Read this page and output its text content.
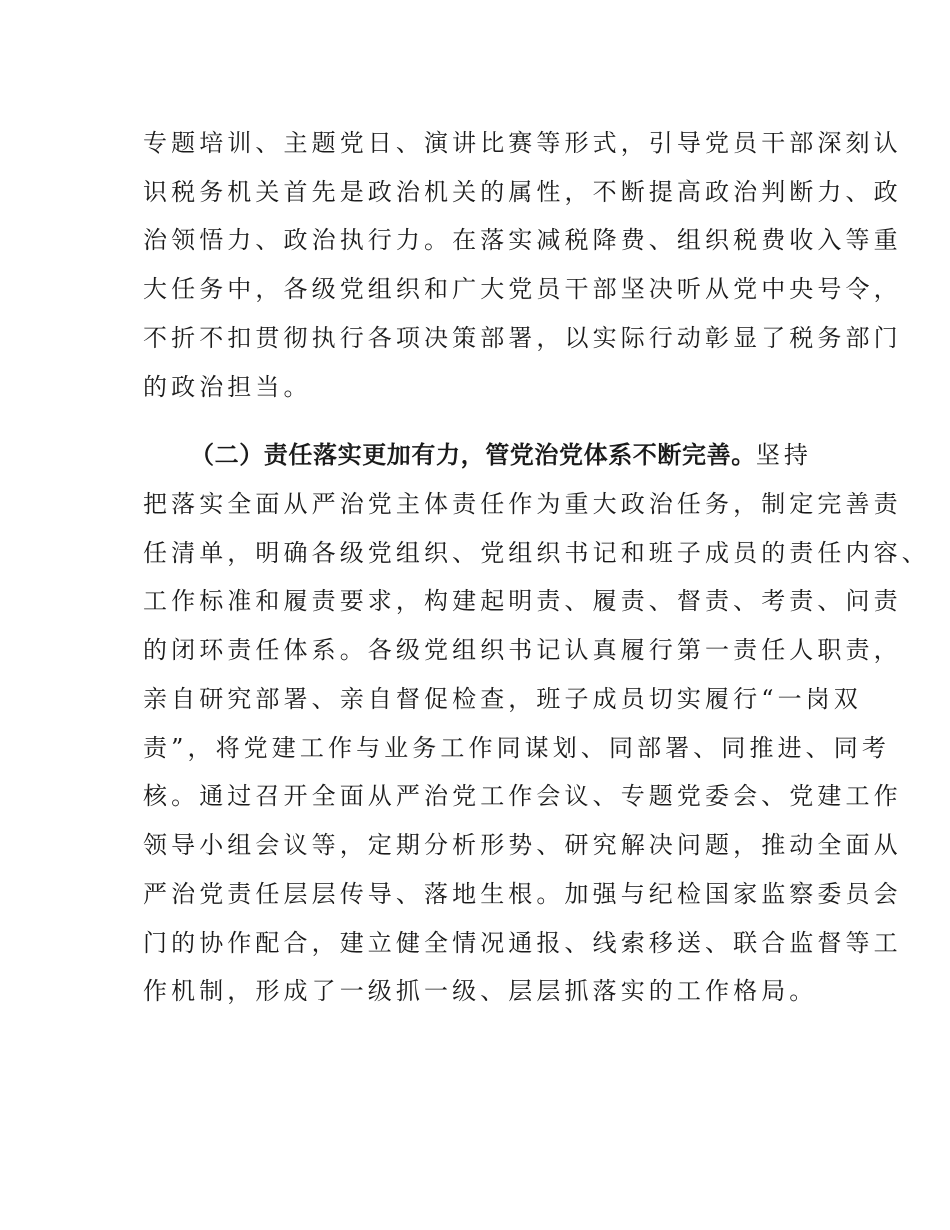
专题培训、主题党日、演讲比赛等形式，引导党员干部深刻认
识税务机关首先是政治机关的属性，不断提高政治判断力、政
治领悟力、政治执行力。在落实减税降费、组织税费收入等重
大任务中，各级党组织和广大党员干部坚决听从党中央号令，
不折不扣贯彻执行各项决策部署，以实际行动彰显了税务部门
的政治担当。
（二）责任落实更加有力，管党治党体系不断完善。坚持
把落实全面从严治党主体责任作为重大政治任务，制定完善责
任清单，明确各级党组织、党组织书记和班子成员的责任内容、
工作标准和履责要求，构建起明责、履责、督责、考责、问责
的闭环责任体系。各级党组织书记认真履行第一责任人职责，
亲自研究部署、亲自督促检查，班子成员切实履行“一岗双
责”，将党建工作与业务工作同谋划、同部署、同推进、同考
核。通过召开全面从严治党工作会议、专题党委会、党建工作
领导小组会议等，定期分析形势、研究解决问题，推动全面从
严治党责任层层传导、落地生根。加强与纪检国家监察委员会
门的协作配合，建立健全情况通报、线索移送、联合监督等工
作机制，形成了一级抓一级、层层抓落实的工作格局。
